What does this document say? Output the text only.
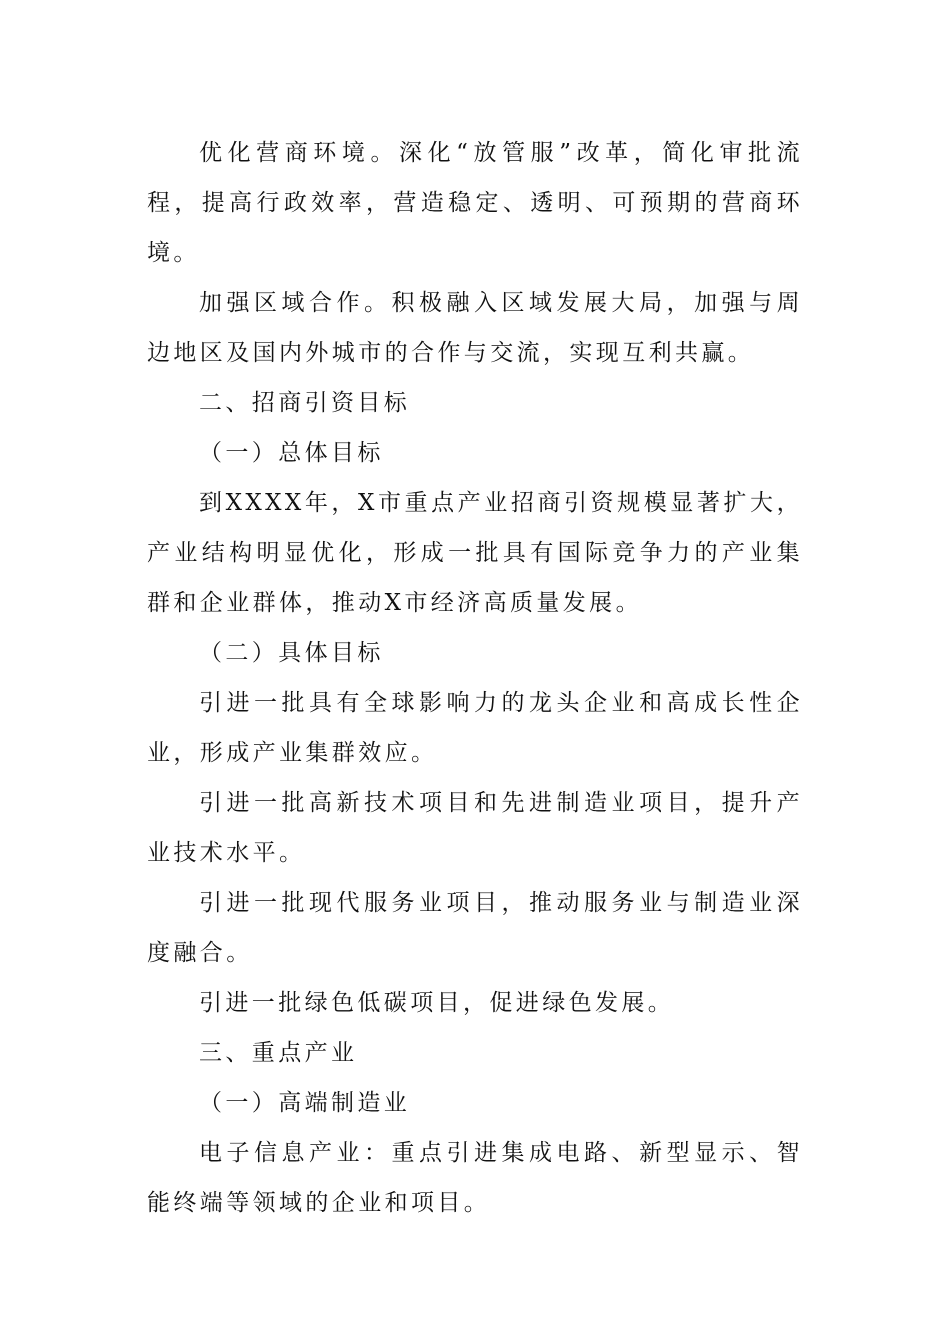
优化营商环境。深化“放管服”改革，简化审批流程，提高行政效率，营造稳定、透明、可预期的营商环境。

加强区域合作。积极融入区域发展大局，加强与周边地区及国内外城市的合作与交流，实现互利共赢。

二、招商引资目标

（一）总体目标

到XXXX年，X市重点产业招商引资规模显著扩大，产业结构明显优化，形成一批具有国际竞争力的产业集群和企业群体，推动X市经济高质量发展。

（二）具体目标

引进一批具有全球影响力的龙头企业和高成长性企业，形成产业集群效应。

引进一批高新技术项目和先进制造业项目，提升产业技术水平。

引进一批现代服务业项目，推动服务业与制造业深度融合。

引进一批绿色低碳项目，促进绿色发展。

三、重点产业

（一）高端制造业

电子信息产业：重点引进集成电路、新型显示、智能终端等领域的企业和项目。
